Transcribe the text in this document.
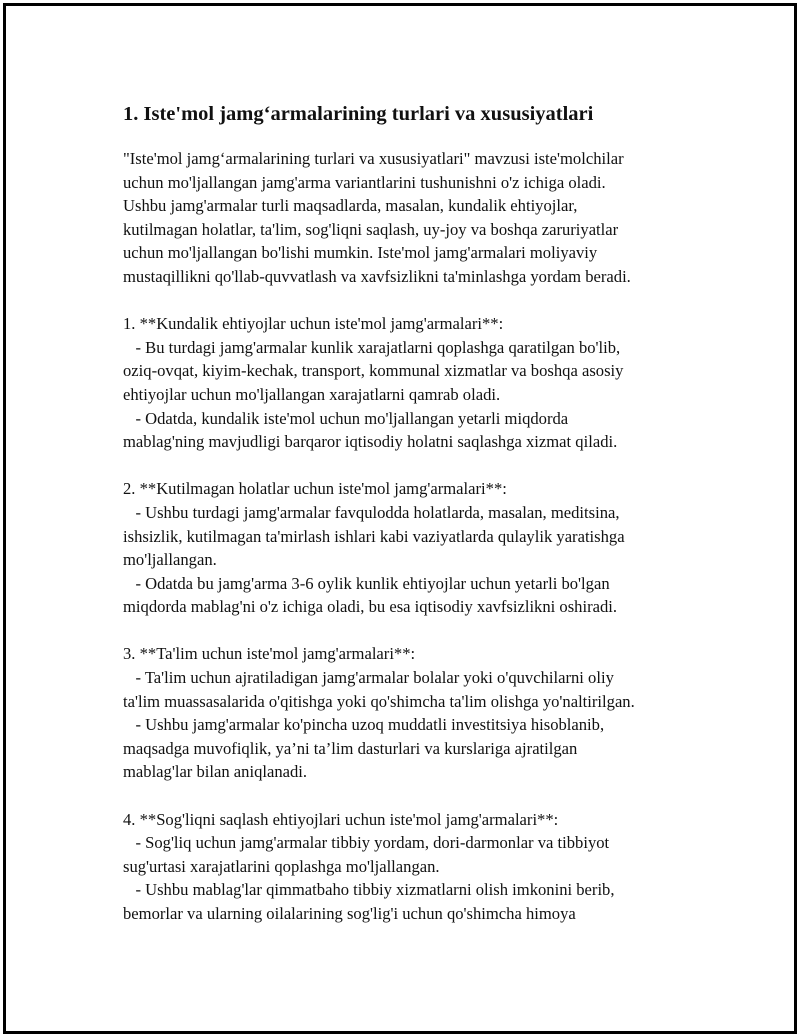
1. Iste'mol jamg‘armalarining turlari va xususiyatlari

"Iste'mol jamg‘armalarining turlari va xususiyatlari" mavzusi iste'molchilar

uchun mo'ljallangan jamg'arma variantlarini tushunishni o'z ichiga oladi.

Ushbu jamg'armalar turli maqsadlarda, masalan, kundalik ehtiyojlar,

kutilmagan holatlar, ta'lim, sog'liqni saqlash, uy-joy va boshqa zaruriyatlar

uchun mo'ljallangan bo'lishi mumkin. Iste'mol jamg'armalari moliyaviy

mustaqillikni qo'llab-quvvatlash va xavfsizlikni ta'minlashga yordam beradi.

1. **Kundalik ehtiyojlar uchun iste'mol jamg'armalari**:

- Bu turdagi jamg'armalar kunlik xarajatlarni qoplashga qaratilgan bo'lib,

oziq-ovqat, kiyim-kechak, transport, kommunal xizmatlar va boshqa asosiy

ehtiyojlar uchun mo'ljallangan xarajatlarni qamrab oladi.

- Odatda, kundalik iste'mol uchun mo'ljallangan yetarli miqdorda

mablag'ning mavjudligi barqaror iqtisodiy holatni saqlashga xizmat qiladi.

2. **Kutilmagan holatlar uchun iste'mol jamg'armalari**:

- Ushbu turdagi jamg'armalar favqulodda holatlarda, masalan, meditsina,

ishsizlik, kutilmagan ta'mirlash ishlari kabi vaziyatlarda qulaylik yaratishga

mo'ljallangan.

- Odatda bu jamg'arma 3-6 oylik kunlik ehtiyojlar uchun yetarli bo'lgan

miqdorda mablag'ni o'z ichiga oladi, bu esa iqtisodiy xavfsizlikni oshiradi.

3. **Ta'lim uchun iste'mol jamg'armalari**:

- Ta'lim uchun ajratiladigan jamg'armalar bolalar yoki o'quvchilarni oliy

ta'lim muassasalarida o'qitishga yoki qo'shimcha ta'lim olishga yo'naltirilgan.

- Ushbu jamg'armalar ko'pincha uzoq muddatli investitsiya hisoblanib,

maqsadga muvofiqlik, ya’ni ta’lim dasturlari va kurslariga ajratilgan

mablag'lar bilan aniqlanadi.

4. **Sog'liqni saqlash ehtiyojlari uchun iste'mol jamg'armalari**:

- Sog'liq uchun jamg'armalar tibbiy yordam, dori-darmonlar va tibbiyot

sug'urtasi xarajatlarini qoplashga mo'ljallangan.

- Ushbu mablag'lar qimmatbaho tibbiy xizmatlarni olish imkonini berib,

bemorlar va ularning oilalarining sog'lig'i uchun qo'shimcha himoya
